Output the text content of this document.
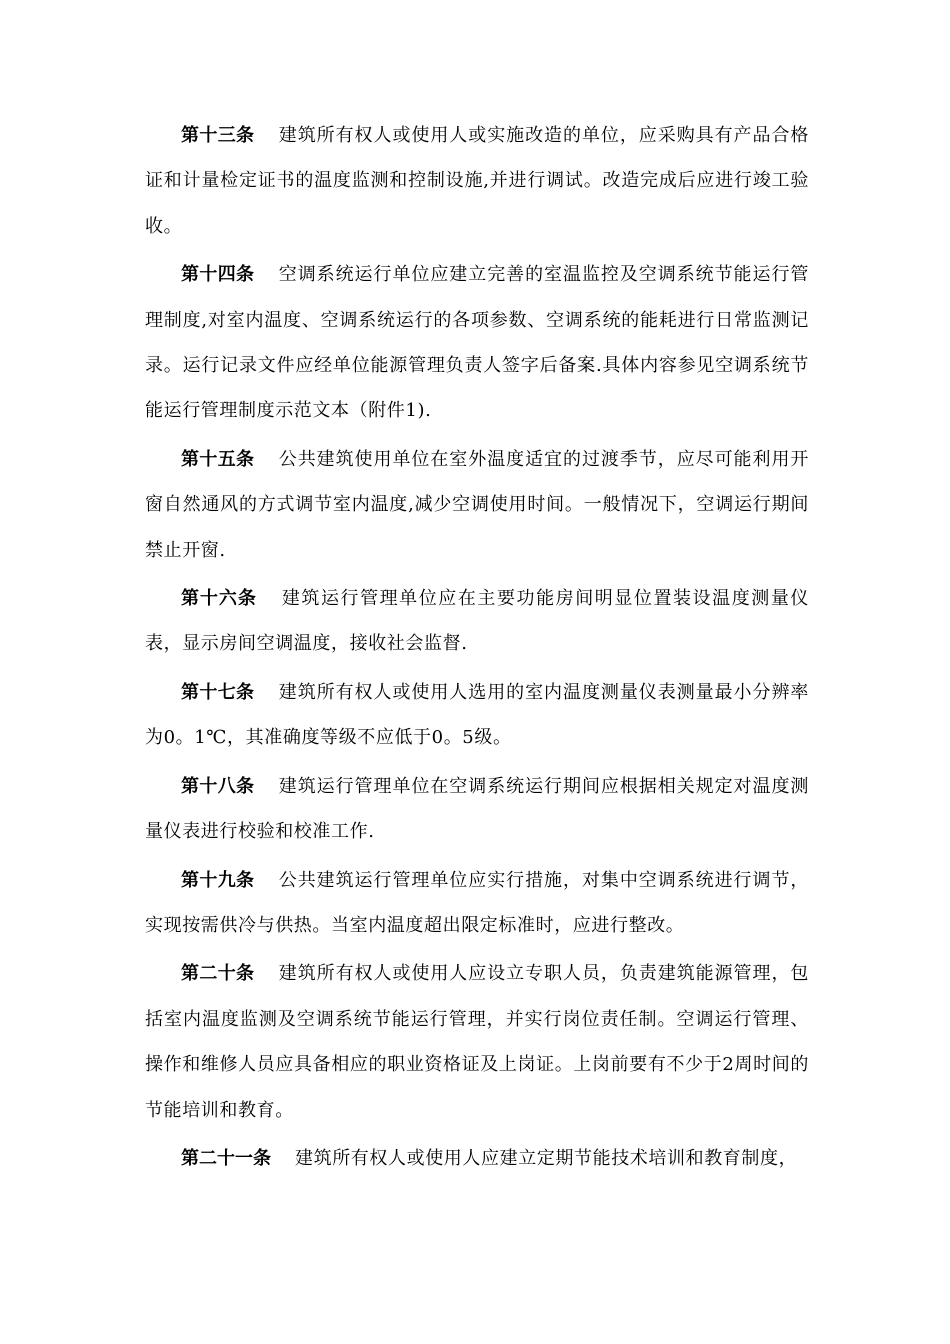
第十三条 建筑所有权人或使用人或实施改造的单位，应采购具有产品合格证和计量检定证书的温度监测和控制设施,并进行调试。改造完成后应进行竣工验收。

第十四条 空调系统运行单位应建立完善的室温监控及空调系统节能运行管理制度,对室内温度、空调系统运行的各项参数、空调系统的能耗进行日常监测记录。运行记录文件应经单位能源管理负责人签字后备案.具体内容参见空调系统节能运行管理制度示范文本（附件1).

第十五条 公共建筑使用单位在室外温度适宜的过渡季节，应尽可能利用开窗自然通风的方式调节室内温度,减少空调使用时间。一般情况下，空调运行期间禁止开窗.

第十六条 建筑运行管理单位应在主要功能房间明显位置装设温度测量仪表，显示房间空调温度，接收社会监督.

第十七条 建筑所有权人或使用人选用的室内温度测量仪表测量最小分辨率为0。1℃，其准确度等级不应低于0。5级。

第十八条 建筑运行管理单位在空调系统运行期间应根据相关规定对温度测量仪表进行校验和校准工作.

第十九条 公共建筑运行管理单位应实行措施，对集中空调系统进行调节，实现按需供冷与供热。当室内温度超出限定标准时，应进行整改。

第二十条 建筑所有权人或使用人应设立专职人员，负责建筑能源管理，包括室内温度监测及空调系统节能运行管理，并实行岗位责任制。空调运行管理、操作和维修人员应具备相应的职业资格证及上岗证。上岗前要有不少于2周时间的节能培训和教育。

第二十一条 建筑所有权人或使用人应建立定期节能技术培训和教育制度，
